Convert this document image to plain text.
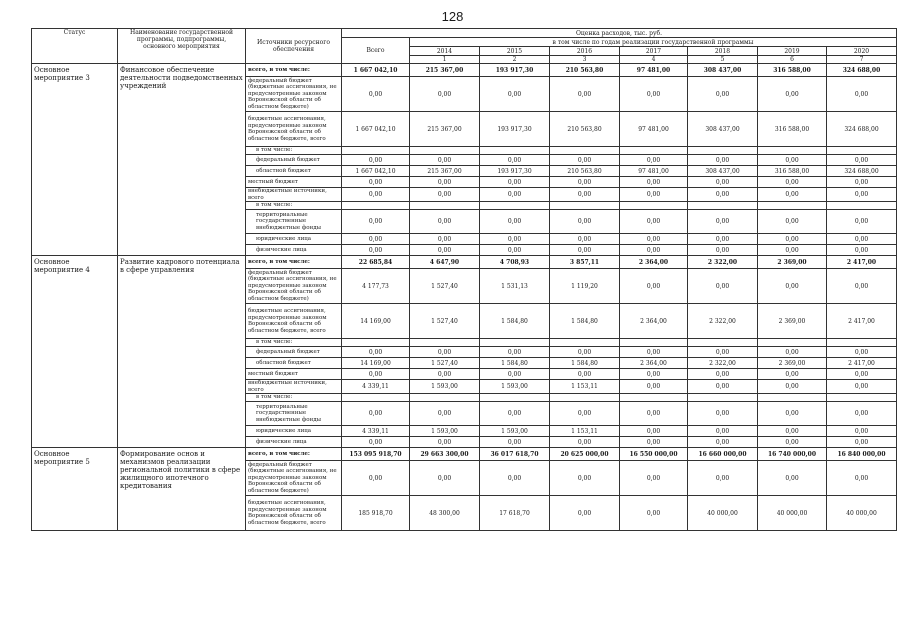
128
Статус	Наименование государственной программы, подпрограммы, основного мероприятия	Источники ресурсного обеспечения	Оценка расходов, тыс. руб.								
			Всего	в том числе по годам реализации государственной программы							
				2014	2015	2016	2017	2018	2019	2020	
				1	2	3	4	5	6	7				
Основное мероприятие 3	Финансовое обеспечение деятельности подведомственных учреждений	всего, в том числе:	1 667 042,10	215 367,00	193 917,30	210 563,80	97 481,00	308 437,00	316 588,00	324 688,00	
		федеральный бюджет (бюджетные ассигнования, не предусмотренные законом Воронежской области об областном бюджете)	0,00	0,00	0,00	0,00	0,00	0,00	0,00	0,00	
		бюджетные ассигнования, предусмотренные законом Воронежской области об областном бюджете, всего	1 667 042,10	215 367,00	193 917,30	210 563,80	97 481,00	308 437,00	316 588,00	324 688,00	
		в том числе:									
		федеральный бюджет	0,00	0,00	0,00	0,00	0,00	0,00	0,00	0,00	
		областной бюджет	1 667 042,10	215 367,00	193 917,30	210 563,80	97 481,00	308 437,00	316 588,00	324 688,00	
		местный бюджет	0,00	0,00	0,00	0,00	0,00	0,00	0,00	0,00	
		внебюджетные источники, всего	0,00	0,00	0,00	0,00	0,00	0,00	0,00	0,00	
		в том числе:									
		территориальные государственные внебюджетные фонды	0,00	0,00	0,00	0,00	0,00	0,00	0,00	0,00	
		юридические лица	0,00	0,00	0,00	0,00	0,00	0,00	0,00	0,00	
		физические лица	0,00	0,00	0,00	0,00	0,00	0,00	0,00	0,00	
Основное мероприятие 4	Развитие кадрового потенциала в сфере управления	всего, в том числе:	22 685,84	4 647,90	4 708,93	3 857,11	2 364,00	2 322,00	2 369,00	2 417,00	
		федеральный бюджет (бюджетные ассигнования, не предусмотренные законом Воронежской области об областном бюджете)	4 177,73	1 527,40	1 531,13	1 119,20	0,00	0,00	0,00	0,00	
		бюджетные ассигнования, предусмотренные законом Воронежской области об областном бюджете, всего	14 169,00	1 527,40	1 584,80	1 584,80	2 364,00	2 322,00	2 369,00	2 417,00	
		в том числе:									
		федеральный бюджет	0,00	0,00	0,00	0,00	0,00	0,00	0,00	0,00	
		областной бюджет	14 169,00	1 527,40	1 584,80	1 584,80	2 364,00	2 322,00	2 369,00	2 417,00	
		местный бюджет	0,00	0,00	0,00	0,00	0,00	0,00	0,00	0,00	
		внебюджетные источники, всего	4 339,11	1 593,00	1 593,00	1 153,11	0,00	0,00	0,00	0,00	
		в том числе:									
		территориальные государственные внебюджетные фонды	0,00	0,00	0,00	0,00	0,00	0,00	0,00	0,00	
		юридические лица	4 339,11	1 593,00	1 593,00	1 153,11	0,00	0,00	0,00	0,00	
		физические лица	0,00	0,00	0,00	0,00	0,00	0,00	0,00	0,00	
Основное мероприятие 5	Формирование основ и механизмов реализации региональной политики в сфере жилищного ипотечного кредитования	всего, в том числе:	153 095 918,70	29 663 300,00	36 017 618,70	20 625 000,00	16 550 000,00	16 660 000,00	16 740 000,00	16 840 000,00	
		федеральный бюджет (бюджетные ассигнования, не предусмотренные законом Воронежской области об областном бюджете)	0,00	0,00	0,00	0,00	0,00	0,00	0,00	0,00	
		бюджетные ассигнования, предусмотренные законом Воронежской области об областном бюджете, всего	185 918,70	48 300,00	17 618,70	0,00	0,00	40 000,00	40 000,00	40 000,00	
